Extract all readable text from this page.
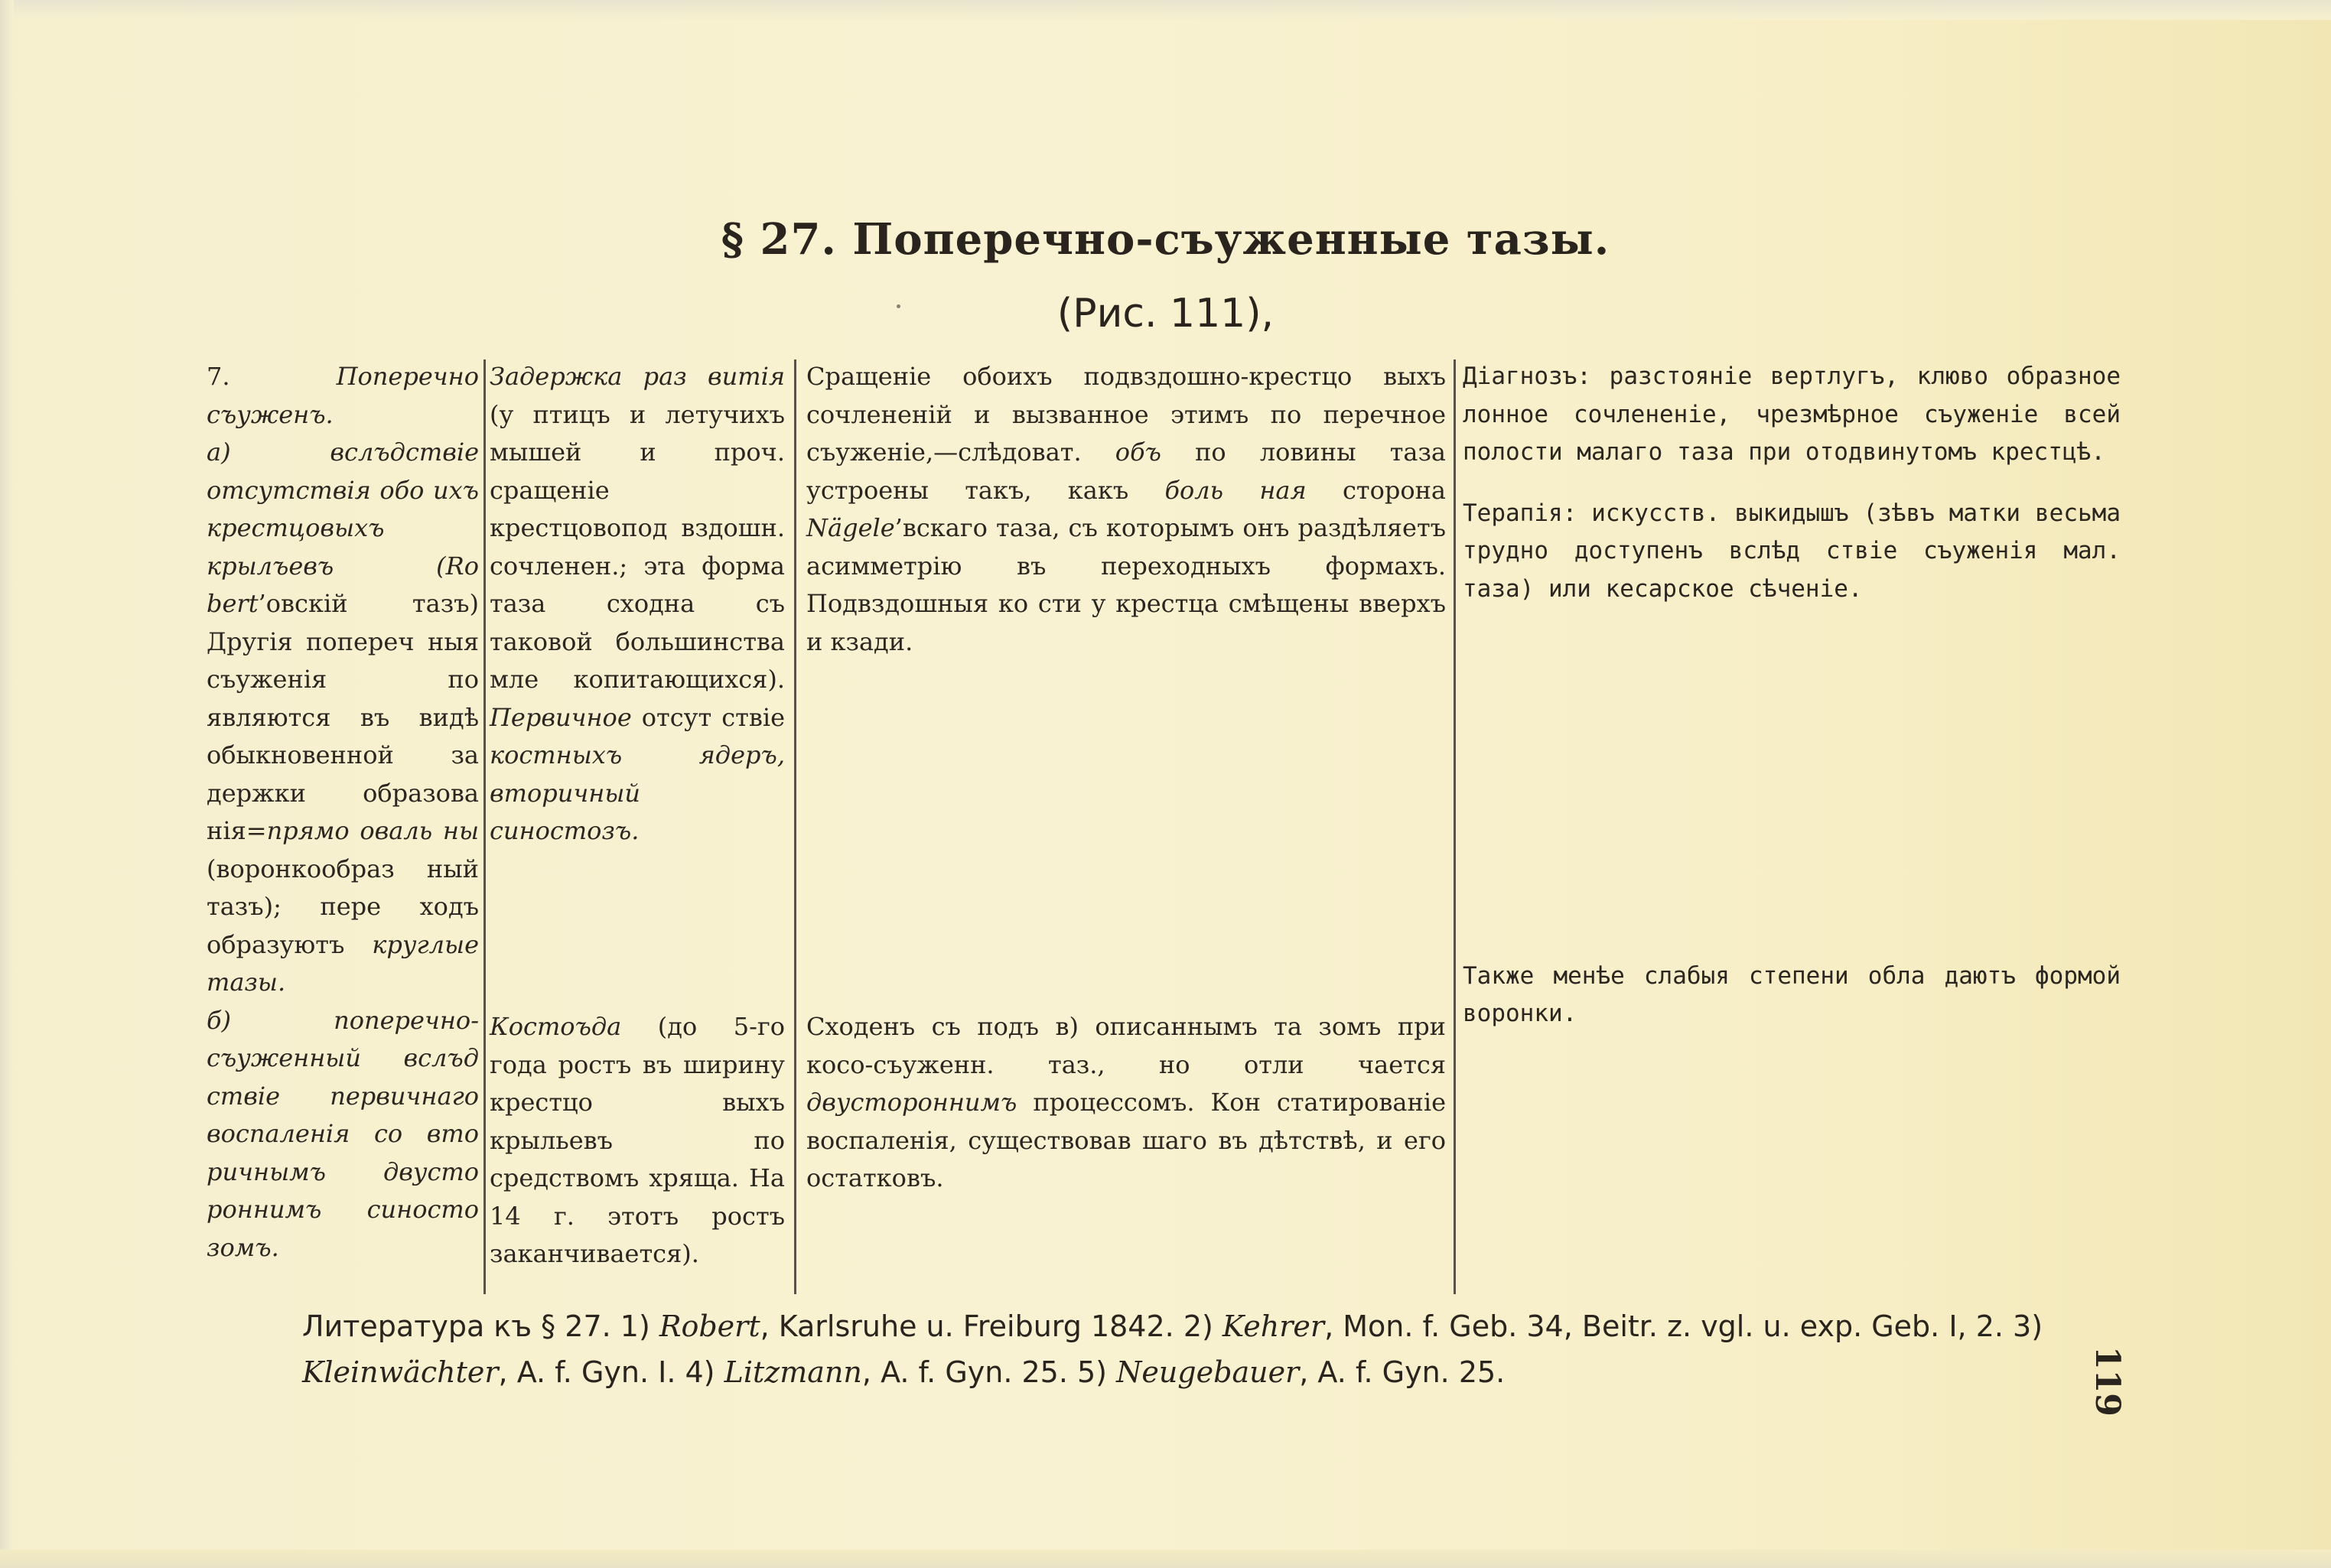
§ 27. Поперечно-съуженные тазы.
(Рис. 111),

7. Поперечно съуженъ.
а) вслъдствіе отсутствія обо ихъ крестцовыхъ крылъевъ (Ro bert’овскій тазъ) Другія попереч ныя съуженія по являются въ видѣ обыкновенной за держки образова нія=прямо оваль ны (воронкообраз ный тазъ); пере ходъ образуютъ круглые тазы.

б) поперечно-съуженный вслъд ствіе первичнаго воспаленія со вто ричнымъ двусто роннимъ синосто зомъ.

Задержка раз витія (у птицъ и летучихъ мышей и проч. сращеніе крестцовопод вздошн. сочленен.; эта форма таза сходна съ таковой большинства мле копитающихся). Первичное отсут ствіе костныхъ ядеръ, вторичный синостозъ.

Костоъда (до 5-го года ростъ въ ширину крестцо выхъ крыльевъ по средствомъ хряща. На 14 г. этотъ ростъ заканчивается).

Сращеніе обоихъ подвздошно-крестцо выхъ сочлененій и вызванное этимъ по перечное съуженіе,—слѣдоват. объ по ловины таза устроены такъ, какъ боль ная сторона Nägele’вскаго таза, съ которымъ онъ раздѣляетъ асимметрію въ переходныхъ формахъ. Подвздошныя ко сти у крестца смѣщены вверхъ и кзади.

Сходенъ съ подъ в) описаннымъ та зомъ при косо-съуженн. таз., но отли чается двустороннимъ процессомъ. Кон статированіе воспаленія, существовав шаго въ дѣтствѣ, и его остатковъ.

Діагнозъ: разстояніе вертлугъ, клюво образное лонное сочлененіе, чрезмѣрное съуженіе всей полости малаго таза при отодвинутомъ крестцѣ.

Терапія: искусств. выкидышъ (зѣвъ матки весьма трудно доступенъ вслѣд ствіе съуженія мал. таза) или кесарское сѣченіе.

Также менѣе слабыя степени обла даютъ формой воронки.

Литература къ § 27. 1) Robert, Karlsruhe u. Freiburg 1842. 2) Kehrer, Mon. f. Geb. 34, Beitr. z. vgl. u. exp. Geb. I, 2. 3) Kleinwächter, A. f. Gyn. I. 4) Litzmann, A. f. Gyn. 25. 5) Neugebauer, A. f. Gyn. 25.	119
